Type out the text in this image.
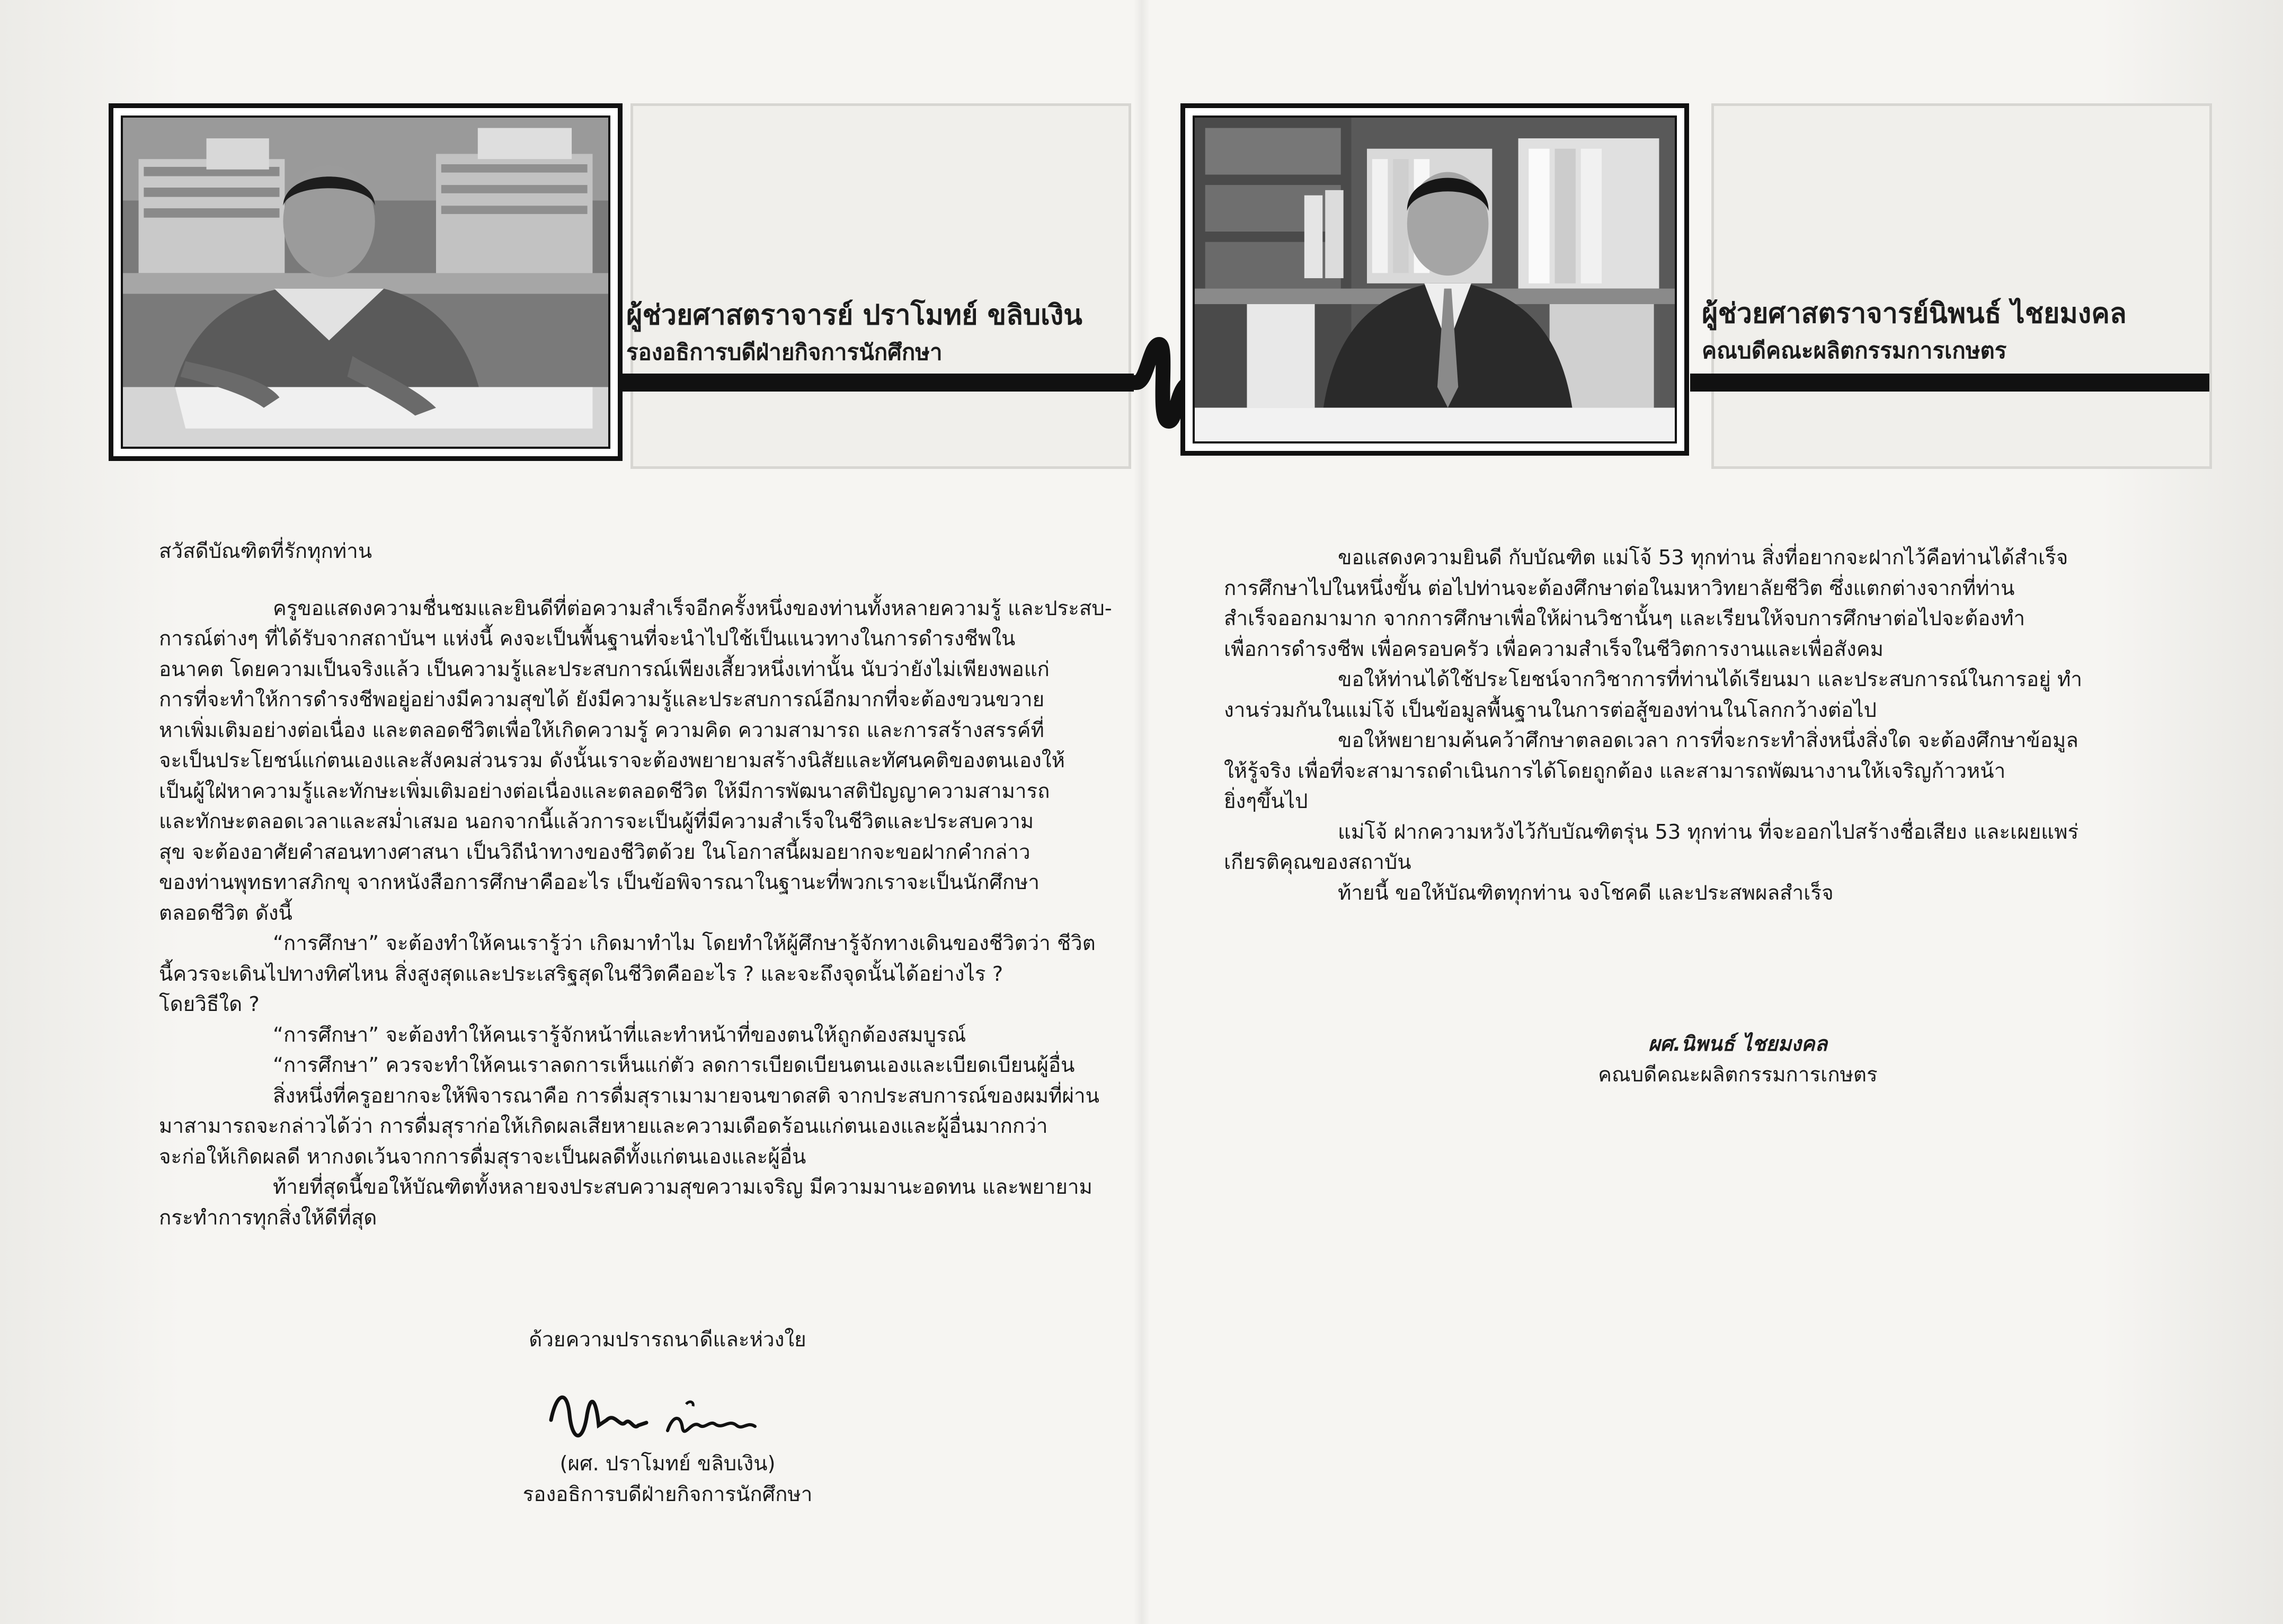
ผู้ช่วยศาสตราจารย์ ปราโมทย์ ขลิบเงิน
รองอธิการบดีฝ่ายกิจการนักศึกษา
ผู้ช่วยศาสตราจารย์นิพนธ์ ไชยมงคล
คณบดีคณะผลิตกรรมการเกษตร

สวัสดีบัณฑิตที่รักทุกท่าน

ครูขอแสดงความชื่นชมและยินดีที่ต่อความสำเร็จอีกครั้งหนึ่งของท่านทั้งหลายความรู้ และประสบ-

การณ์ต่างๆ ที่ได้รับจากสถาบันฯ แห่งนี้ คงจะเป็นพื้นฐานที่จะนำไปใช้เป็นแนวทางในการดำรงชีพใน

อนาคต โดยความเป็นจริงแล้ว เป็นความรู้และประสบการณ์เพียงเสี้ยวหนึ่งเท่านั้น นับว่ายังไม่เพียงพอแก่

การที่จะทำให้การดำรงชีพอยู่อย่างมีความสุขได้ ยังมีความรู้และประสบการณ์อีกมากที่จะต้องขวนขวาย

หาเพิ่มเติมอย่างต่อเนื่อง และตลอดชีวิตเพื่อให้เกิดความรู้ ความคิด ความสามารถ และการสร้างสรรค์ที่

จะเป็นประโยชน์แก่ตนเองและสังคมส่วนรวม ดังนั้นเราจะต้องพยายามสร้างนิสัยและทัศนคติของตนเองให้

เป็นผู้ใฝ่หาความรู้และทักษะเพิ่มเติมอย่างต่อเนื่องและตลอดชีวิต ให้มีการพัฒนาสติปัญญาความสามารถ

และทักษะตลอดเวลาและสม่ำเสมอ นอกจากนี้แล้วการจะเป็นผู้ที่มีความสำเร็จในชีวิตและประสบความ

สุข จะต้องอาศัยคำสอนทางศาสนา เป็นวิถีนำทางของชีวิตด้วย ในโอกาสนี้ผมอยากจะขอฝากคำกล่าว

ของท่านพุทธทาสภิกขุ จากหนังสือการศึกษาคืออะไร เป็นข้อพิจารณาในฐานะที่พวกเราจะเป็นนักศึกษา

ตลอดชีวิต ดังนี้

“การศึกษา” จะต้องทำให้คนเรารู้ว่า เกิดมาทำไม โดยทำให้ผู้ศึกษารู้จักทางเดินของชีวิตว่า ชีวิต

นี้ควรจะเดินไปทางทิศไหน สิ่งสูงสุดและประเสริฐสุดในชีวิตคืออะไร ? และจะถึงจุดนั้นได้อย่างไร ?

โดยวิธีใด ?

“การศึกษา” จะต้องทำให้คนเรารู้จักหน้าที่และทำหน้าที่ของตนให้ถูกต้องสมบูรณ์

“การศึกษา” ควรจะทำให้คนเราลดการเห็นแก่ตัว ลดการเบียดเบียนตนเองและเบียดเบียนผู้อื่น

สิ่งหนึ่งที่ครูอยากจะให้พิจารณาคือ การดื่มสุราเมามายจนขาดสติ จากประสบการณ์ของผมที่ผ่าน

มาสามารถจะกล่าวได้ว่า การดื่มสุราก่อให้เกิดผลเสียหายและความเดือดร้อนแก่ตนเองและผู้อื่นมากกว่า

จะก่อให้เกิดผลดี หากงดเว้นจากการดื่มสุราจะเป็นผลดีทั้งแก่ตนเองและผู้อื่น

ท้ายที่สุดนี้ขอให้บัณฑิตทั้งหลายจงประสบความสุขความเจริญ มีความมานะอดทน และพยายาม

กระทำการทุกสิ่งให้ดีที่สุด

ด้วยความปรารถนาดีและห่วงใย

(ผศ. ปราโมทย์ ขลิบเงิน)

รองอธิการบดีฝ่ายกิจการนักศึกษา

ขอแสดงความยินดี กับบัณฑิต แม่โจ้ 53 ทุกท่าน สิ่งที่อยากจะฝากไว้คือท่านได้สำเร็จ

การศึกษาไปในหนึ่งขั้น ต่อไปท่านจะต้องศึกษาต่อในมหาวิทยาลัยชีวิต ซึ่งแตกต่างจากที่ท่าน

สำเร็จออกมามาก จากการศึกษาเพื่อให้ผ่านวิชานั้นๆ และเรียนให้จบการศึกษาต่อไปจะต้องทำ

เพื่อการดำรงชีพ เพื่อครอบครัว เพื่อความสำเร็จในชีวิตการงานและเพื่อสังคม

ขอให้ท่านได้ใช้ประโยชน์จากวิชาการที่ท่านได้เรียนมา และประสบการณ์ในการอยู่ ทำ

งานร่วมกันในแม่โจ้ เป็นข้อมูลพื้นฐานในการต่อสู้ของท่านในโลกกว้างต่อไป

ขอให้พยายามค้นคว้าศึกษาตลอดเวลา การที่จะกระทำสิ่งหนึ่งสิ่งใด จะต้องศึกษาข้อมูล

ให้รู้จริง เพื่อที่จะสามารถดำเนินการได้โดยถูกต้อง และสามารถพัฒนางานให้เจริญก้าวหน้า

ยิ่งๆขึ้นไป

แม่โจ้ ฝากความหวังไว้กับบัณฑิตรุ่น 53 ทุกท่าน ที่จะออกไปสร้างชื่อเสียง และเผยแพร่

เกียรติคุณของสถาบัน

ท้ายนี้ ขอให้บัณฑิตทุกท่าน จงโชคดี และประสพผลสำเร็จ

ผศ.นิพนธ์ ไชยมงคล

คณบดีคณะผลิตกรรมการเกษตร
